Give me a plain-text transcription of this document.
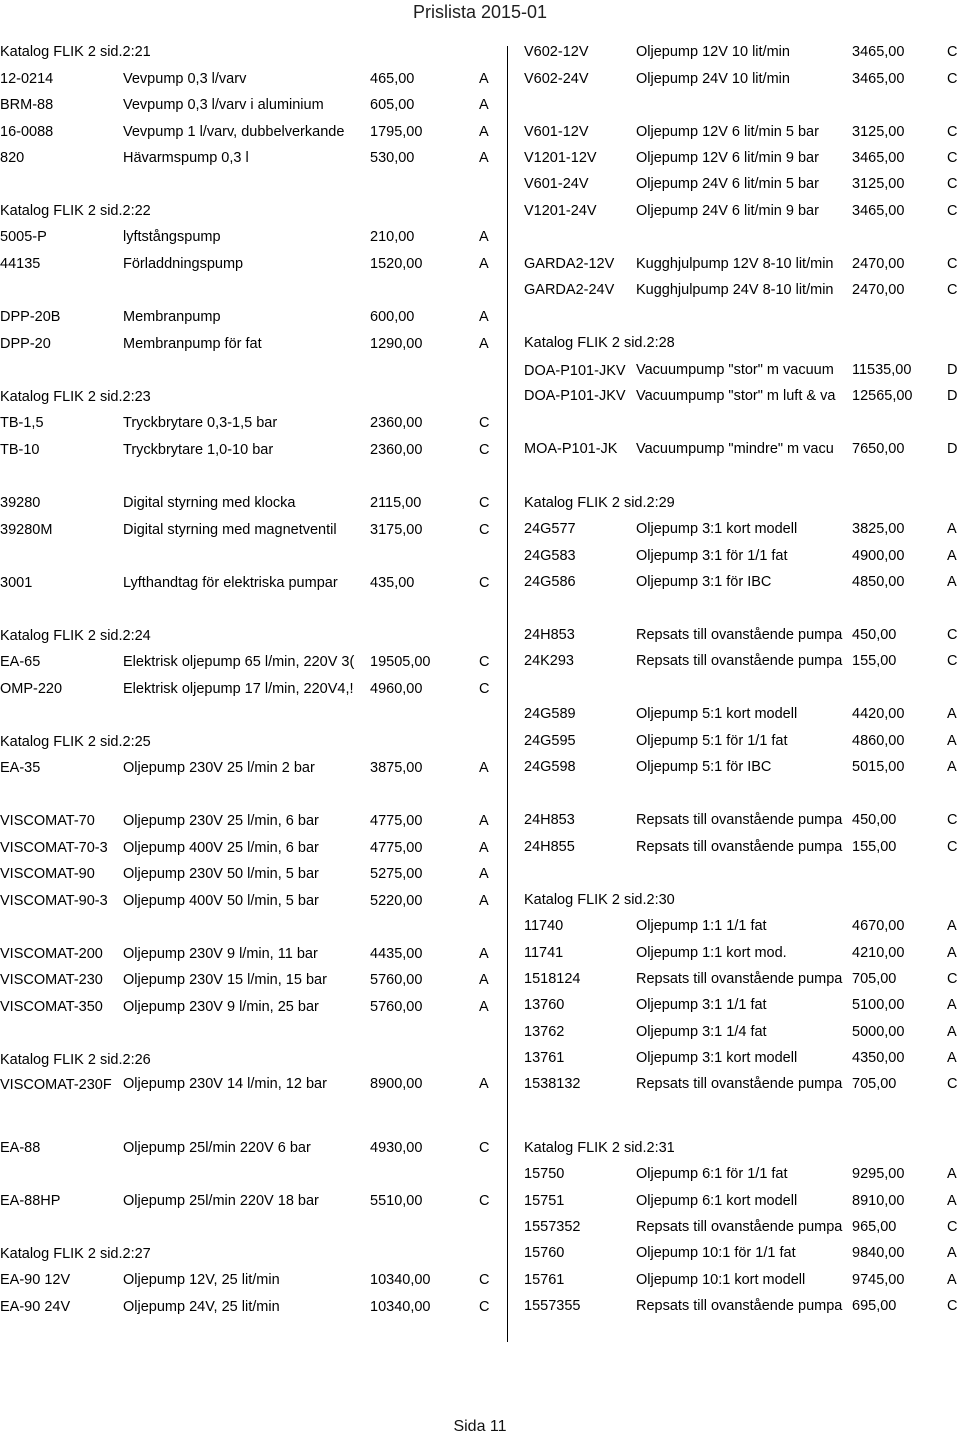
Prislista 2015-01
Katalog FLIK 2 sid.2:21
12-0214	Vevpump 0,3 l/varv	465,00	A
BRM-88	Vevpump 0,3 l/varv i aluminium	605,00	A
16-0088	Vevpump 1 l/varv, dubbelverkande	1795,00	A
820	Hävarmspump 0,3 l	530,00	A
Katalog FLIK 2 sid.2:22
5005-P	lyftstångspump	210,00	A
44135	Förladdningspump	1520,00	A
DPP-20B	Membranpump	600,00	A
DPP-20	Membranpump för fat	1290,00	A
Katalog FLIK 2 sid.2:23
TB-1,5	Tryckbrytare 0,3-1,5 bar	2360,00	C
TB-10	Tryckbrytare 1,0-10 bar	2360,00	C
39280	Digital styrning med klocka	2115,00	C
39280M	Digital styrning med magnetventil	3175,00	C
3001	Lyfthandtag för elektriska pumpar	435,00	C
Katalog FLIK 2 sid.2:24
EA-65	Elektrisk oljepump 65 l/min, 220V 3(	19505,00	C
OMP-220	Elektrisk oljepump 17 l/min, 220V4,!	4960,00	C
Katalog FLIK 2 sid.2:25
EA-35	Oljepump 230V 25 l/min 2 bar	3875,00	A
VISCOMAT-70	Oljepump 230V 25 l/min, 6 bar	4775,00	A
VISCOMAT-70-3	Oljepump 400V 25 l/min, 6 bar	4775,00	A
VISCOMAT-90	Oljepump 230V 50 l/min, 5 bar	5275,00	A
VISCOMAT-90-3	Oljepump 400V 50 l/min, 5 bar	5220,00	A
VISCOMAT-200	Oljepump 230V 9 l/min, 11 bar	4435,00	A
VISCOMAT-230	Oljepump 230V 15 l/min, 15 bar	5760,00	A
VISCOMAT-350	Oljepump 230V 9 l/min, 25 bar	5760,00	A
Katalog FLIK 2 sid.2:26
VISCOMAT-230F Oljepump 230V 14 l/min, 12 bar	8900,00	A
EA-88	Oljepump 25l/min 220V 6 bar	4930,00	C
EA-88HP	Oljepump 25l/min 220V 18 bar	5510,00	C
Katalog FLIK 2 sid.2:27
EA-90 12V	Oljepump 12V, 25 lit/min	10340,00	C
EA-90 24V	Oljepump 24V, 25 lit/min	10340,00	C
V602-12V	Oljepump 12V 10 lit/min	3465,00	C
V602-24V	Oljepump 24V 10 lit/min	3465,00	C
V601-12V	Oljepump 12V 6 lit/min 5 bar	3125,00	C
V1201-12V	Oljepump 12V 6 lit/min 9 bar	3465,00	C
V601-24V	Oljepump 24V 6 lit/min 5 bar	3125,00	C
V1201-24V	Oljepump 24V 6 lit/min 9 bar	3465,00	C
GARDA2-12V	Kugghjulpump 12V 8-10 lit/min	2470,00	C
GARDA2-24V	Kugghjulpump 24V 8-10 lit/min	2470,00	C
Katalog FLIK 2 sid.2:28
DOA-P101-JKV Vacuumpump "stor" m vacuum	11535,00	D
DOA-P101-JKV Vacuumpump "stor" m luft & va	12565,00	D
MOA-P101-JK	Vacuumpump "mindre" m vacu	7650,00	D
Katalog FLIK 2 sid.2:29
24G577	Oljepump 3:1 kort modell	3825,00	A
24G583	Oljepump 3:1 för 1/1 fat	4900,00	A
24G586	Oljepump 3:1 för IBC	4850,00	A
24H853	Repsats till ovanstående pumpa 450,00	C
24K293	Repsats till ovanstående pumpa 155,00	C
24G589	Oljepump 5:1 kort modell	4420,00	A
24G595	Oljepump 5:1 för 1/1 fat	4860,00	A
24G598	Oljepump 5:1 för IBC	5015,00	A
24H853	Repsats till ovanstående pumpa 450,00	C
24H855	Repsats till ovanstående pumpa 155,00	C
Katalog FLIK 2 sid.2:30
11740	Oljepump 1:1 1/1 fat	4670,00	A
11741	Oljepump 1:1 kort mod.	4210,00	A
1518124	Repsats till ovanstående pumpa 705,00	C
13760	Oljepump 3:1 1/1 fat	5100,00	A
13762	Oljepump 3:1 1/4 fat	5000,00	A
13761	Oljepump 3:1 kort modell	4350,00	A
1538132	Repsats till ovanstående pumpa 705,00	C
Katalog FLIK 2 sid.2:31
15750	Oljepump 6:1 för 1/1 fat	9295,00	A
15751	Oljepump 6:1 kort modell	8910,00	A
1557352	Repsats till ovanstående pumpa 965,00	C
15760	Oljepump 10:1 för 1/1 fat	9840,00	A
15761	Oljepump 10:1 kort modell	9745,00	A
1557355	Repsats till ovanstående pumpa 695,00	C
Sida 11
